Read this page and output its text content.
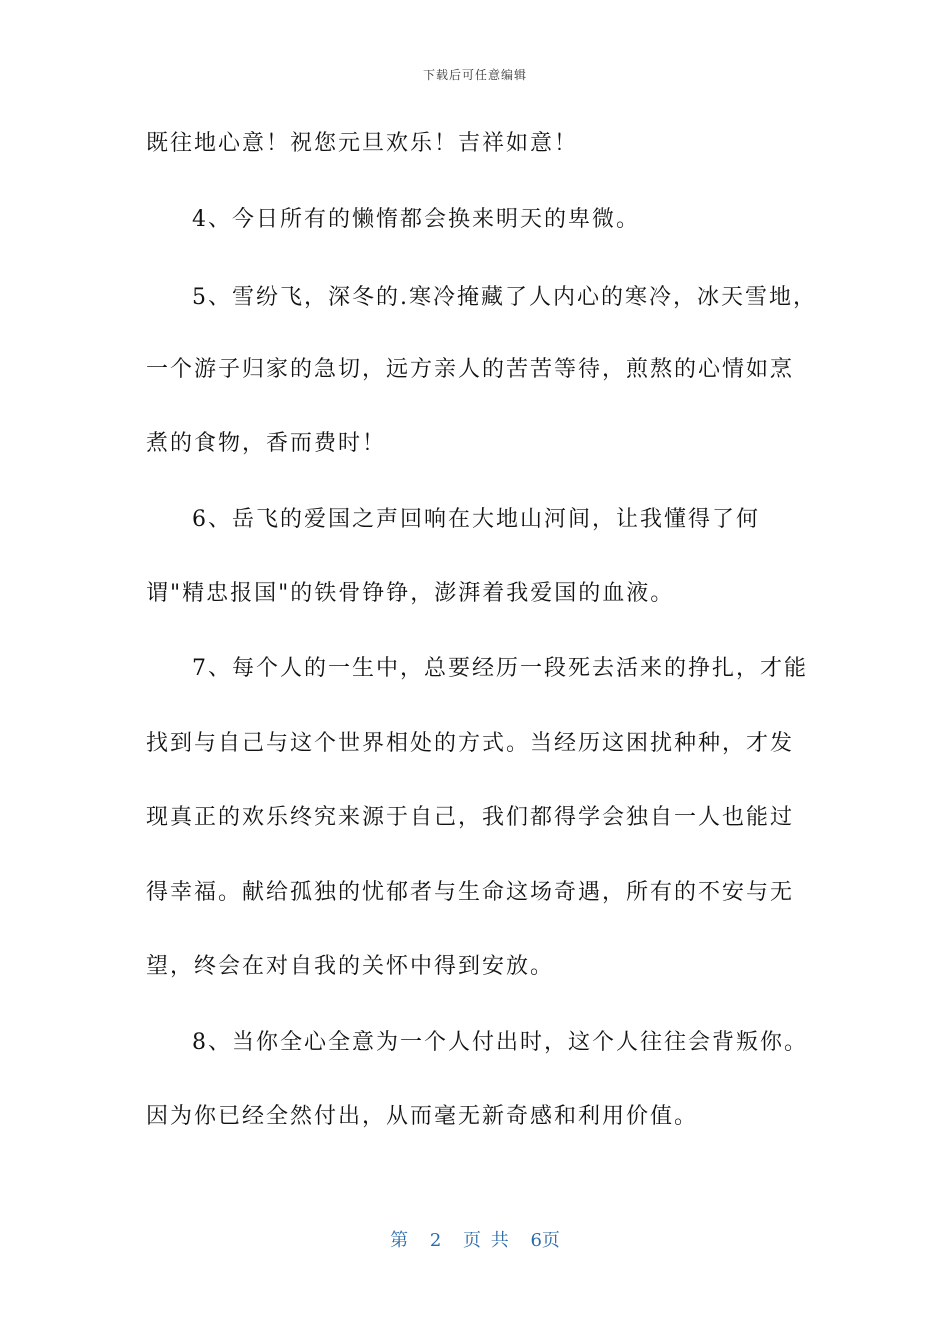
下载后可任意编辑
既往地心意！祝您元旦欢乐！吉祥如意！
4、今日所有的懒惰都会换来明天的卑微。
5、雪纷飞，深冬的.寒冷掩藏了人内心的寒冷，冰天雪地，
一个游子归家的急切，远方亲人的苦苦等待，煎熬的心情如烹
煮的食物，香而费时！
6、岳飞的爱国之声回响在大地山河间，让我懂得了何
谓"精忠报国"的铁骨铮铮，澎湃着我爱国的血液。
7、每个人的一生中，总要经历一段死去活来的挣扎，才能
找到与自己与这个世界相处的方式。当经历这困扰种种，才发
现真正的欢乐终究来源于自己，我们都得学会独自一人也能过
得幸福。献给孤独的忧郁者与生命这场奇遇，所有的不安与无
望，终会在对自我的关怀中得到安放。
8、当你全心全意为一个人付出时，这个人往往会背叛你。
因为你已经全然付出，从而毫无新奇感和利用价值。
第 2 页 共 6页
